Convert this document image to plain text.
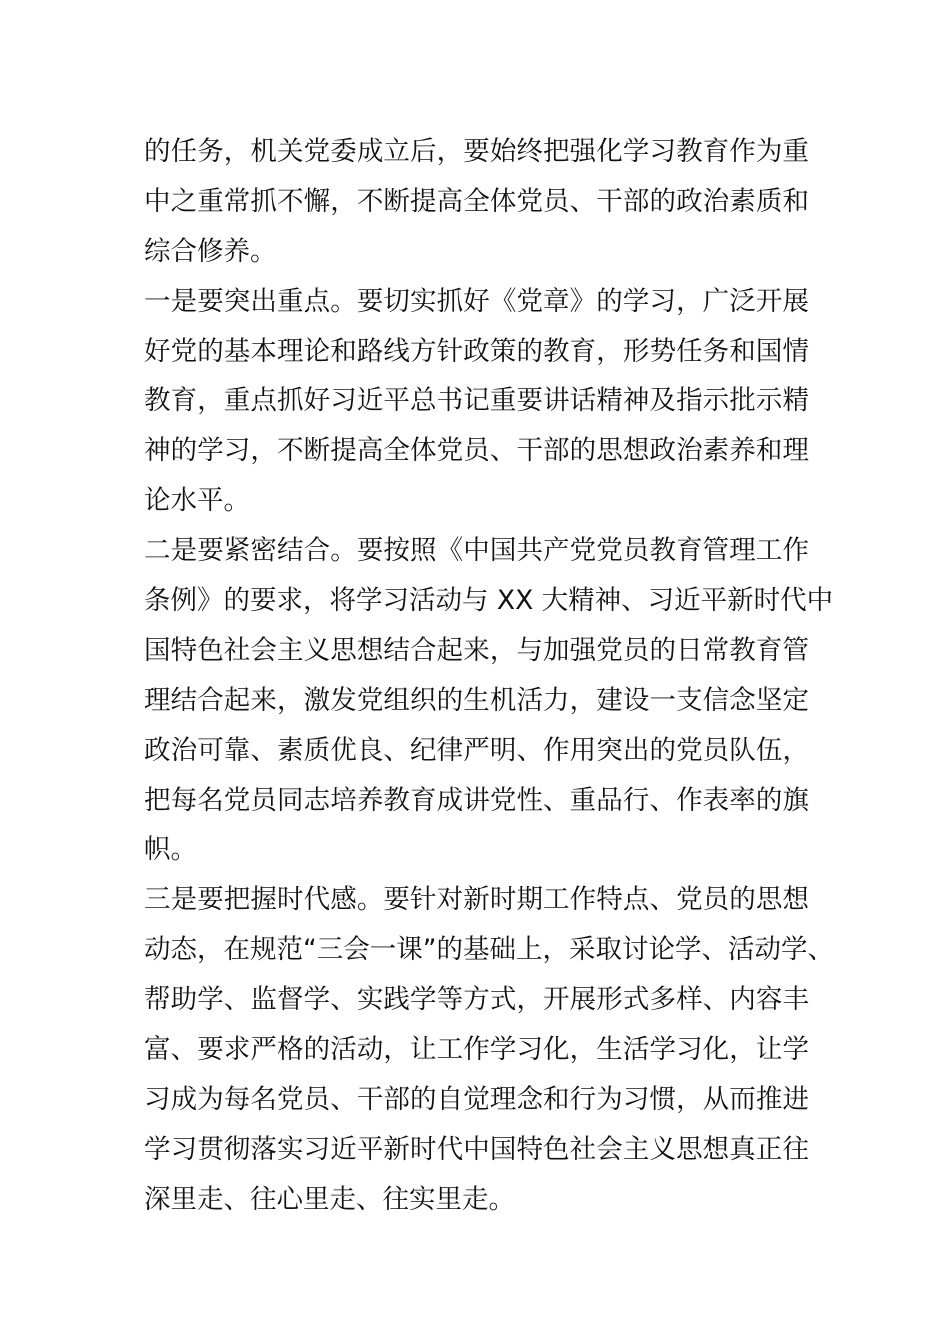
的任务，机关党委成立后，要始终把强化学习教育作为重
中之重常抓不懈，不断提高全体党员、干部的政治素质和
综合修养。
一是要突出重点。要切实抓好《党章》的学习，广泛开展
好党的基本理论和路线方针政策的教育，形势任务和国情
教育，重点抓好习近平总书记重要讲话精神及指示批示精
神的学习，不断提高全体党员、干部的思想政治素养和理
论水平。
二是要紧密结合。要按照《中国共产党党员教育管理工作
条例》的要求，将学习活动与 XX 大精神、习近平新时代中
国特色社会主义思想结合起来，与加强党员的日常教育管
理结合起来，激发党组织的生机活力，建设一支信念坚定
政治可靠、素质优良、纪律严明、作用突出的党员队伍，
把每名党员同志培养教育成讲党性、重品行、作表率的旗
帜。
三是要把握时代感。要针对新时期工作特点、党员的思想
动态，在规范“三会一课”的基础上，采取讨论学、活动学、
帮助学、监督学、实践学等方式，开展形式多样、内容丰
富、要求严格的活动，让工作学习化，生活学习化，让学
习成为每名党员、干部的自觉理念和行为习惯，从而推进
学习贯彻落实习近平新时代中国特色社会主义思想真正往
深里走、往心里走、往实里走。
